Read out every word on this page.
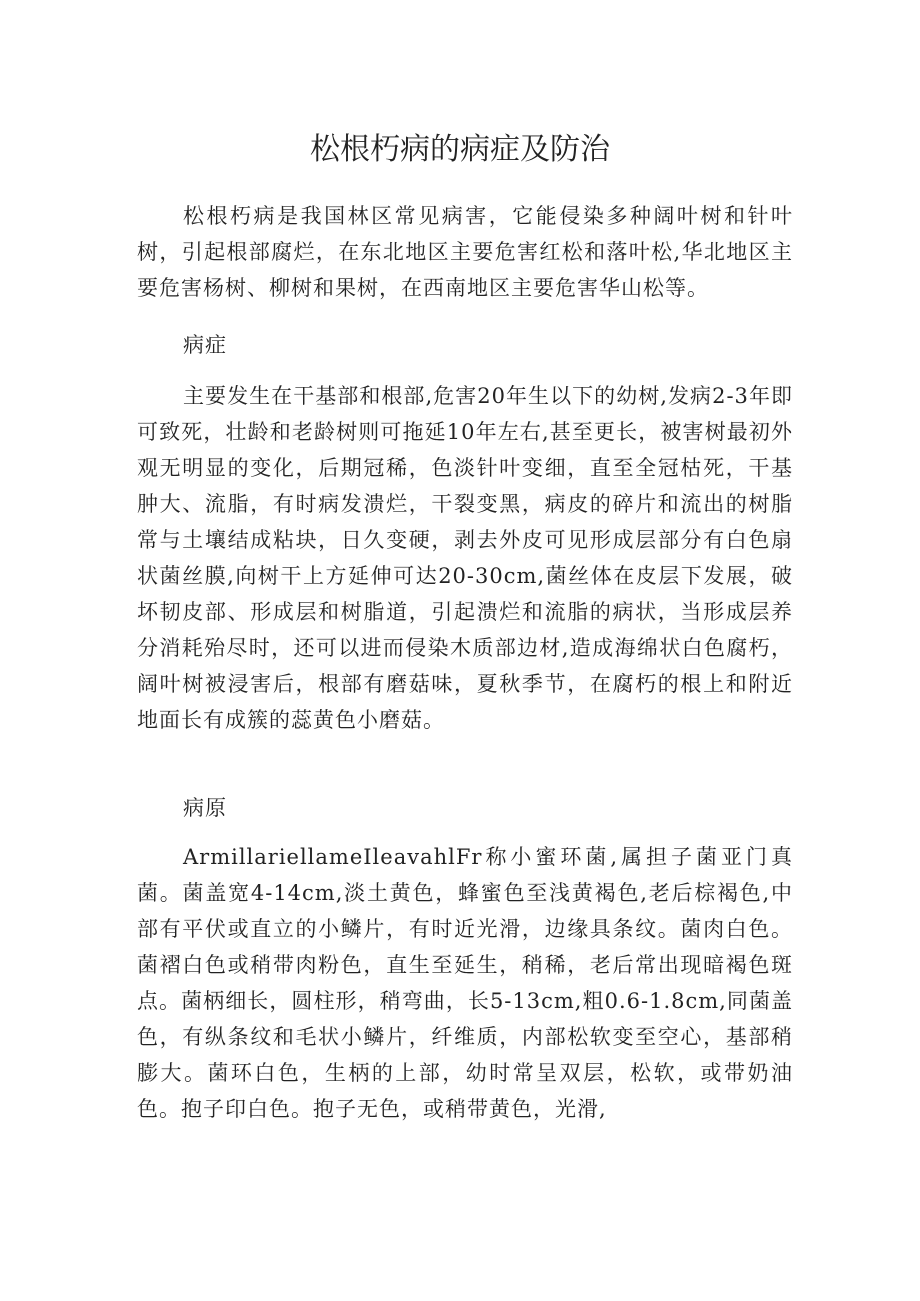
松根朽病的病症及防治

松根朽病是我国林区常见病害，它能侵染多种阔叶树和针叶树，引起根部腐烂，在东北地区主要危害红松和落叶松,华北地区主要危害杨树、柳树和果树，在西南地区主要危害华山松等。

病症

主要发生在干基部和根部,危害20年生以下的幼树,发病2-3年即可致死，壮龄和老龄树则可拖延10年左右,甚至更长，被害树最初外观无明显的变化，后期冠稀，色淡针叶变细，直至全冠枯死，干基肿大、流脂，有时病发溃烂，干裂变黑，病皮的碎片和流出的树脂常与土壤结成粘块，日久变硬，剥去外皮可见形成层部分有白色扇状菌丝膜,向树干上方延伸可达20-30cm,菌丝体在皮层下发展，破坏韧皮部、形成层和树脂道，引起溃烂和流脂的病状，当形成层养分消耗殆尽时，还可以进而侵染木质部边材,造成海绵状白色腐朽，阔叶树被浸害后，根部有磨菇味，夏秋季节，在腐朽的根上和附近地面长有成簇的蕊黄色小磨菇。

病原

ArmillariellameIleavahlFr称小蜜环菌,属担子菌亚门真菌。菌盖宽4-14cm,淡土黄色，蜂蜜色至浅黄褐色,老后棕褐色,中部有平伏或直立的小鳞片，有时近光滑，边缘具条纹。菌肉白色。菌褶白色或稍带肉粉色，直生至延生，稍稀，老后常出现暗褐色斑点。菌柄细长，圆柱形，稍弯曲，长5-13cm,粗0.6-1.8cm,同菌盖色，有纵条纹和毛状小鳞片，纤维质，内部松软变至空心，基部稍膨大。菌环白色，生柄的上部，幼时常呈双层，松软，或带奶油色。抱子印白色。抱子无色，或稍带黄色，光滑,
